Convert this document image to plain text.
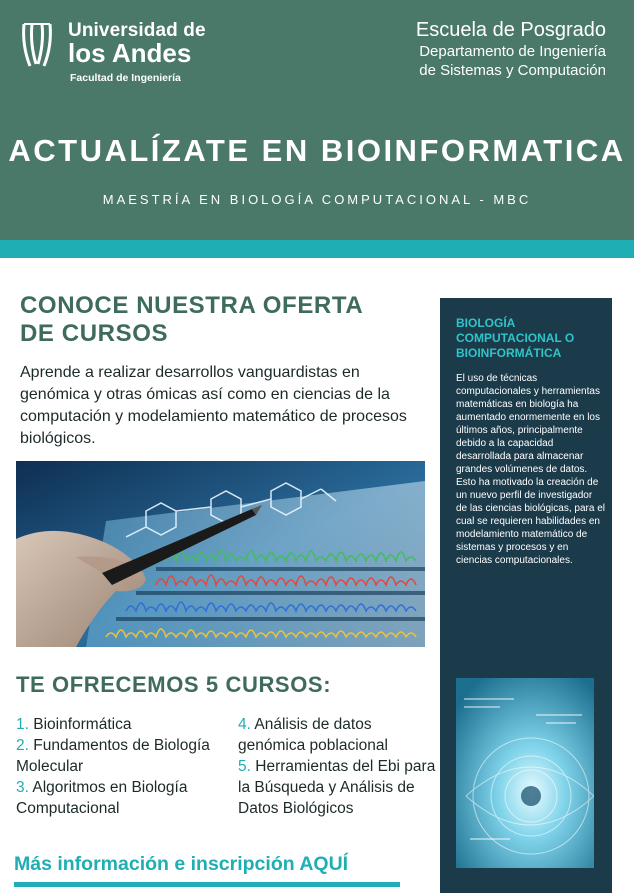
Universidad de
los Andes
Facultad de Ingeniería
Escuela de Posgrado
Departamento de Ingeniería
de Sistemas y Computación
ACTUALÍZATE EN BIOINFORMATICA
MAESTRÍA EN BIOLOGÍA COMPUTACIONAL - MBC
CONOCE NUESTRA OFERTA
DE CURSOS
Aprende a realizar desarrollos vanguardistas en genómica y otras ómicas así como en ciencias de la computación y modelamiento matemático de procesos biológicos.
TE OFRECEMOS 5 CURSOS:
1. Bioinformática
2. Fundamentos de Biología Molecular
3. Algoritmos en Biología Computacional
4. Análisis de datos genómica poblacional
5. Herramientas del Ebi para la Búsqueda y Análisis de Datos Biológicos
Más información e inscripción AQUÍ
BIOLOGÍA COMPUTACIONAL O BIOINFORMÁTICA
El uso de técnicas computacionales y herramientas matemáticas en biología ha aumentado enormemente en los últimos años, principalmente debido a la capacidad desarrollada para almacenar grandes volúmenes de datos. Esto ha motivado la creación de un nuevo perfil de investigador de las ciencias biológicas, para el cual se requieren habilidades en modelamiento matemático de sistemas y procesos y en ciencias computacionales.
